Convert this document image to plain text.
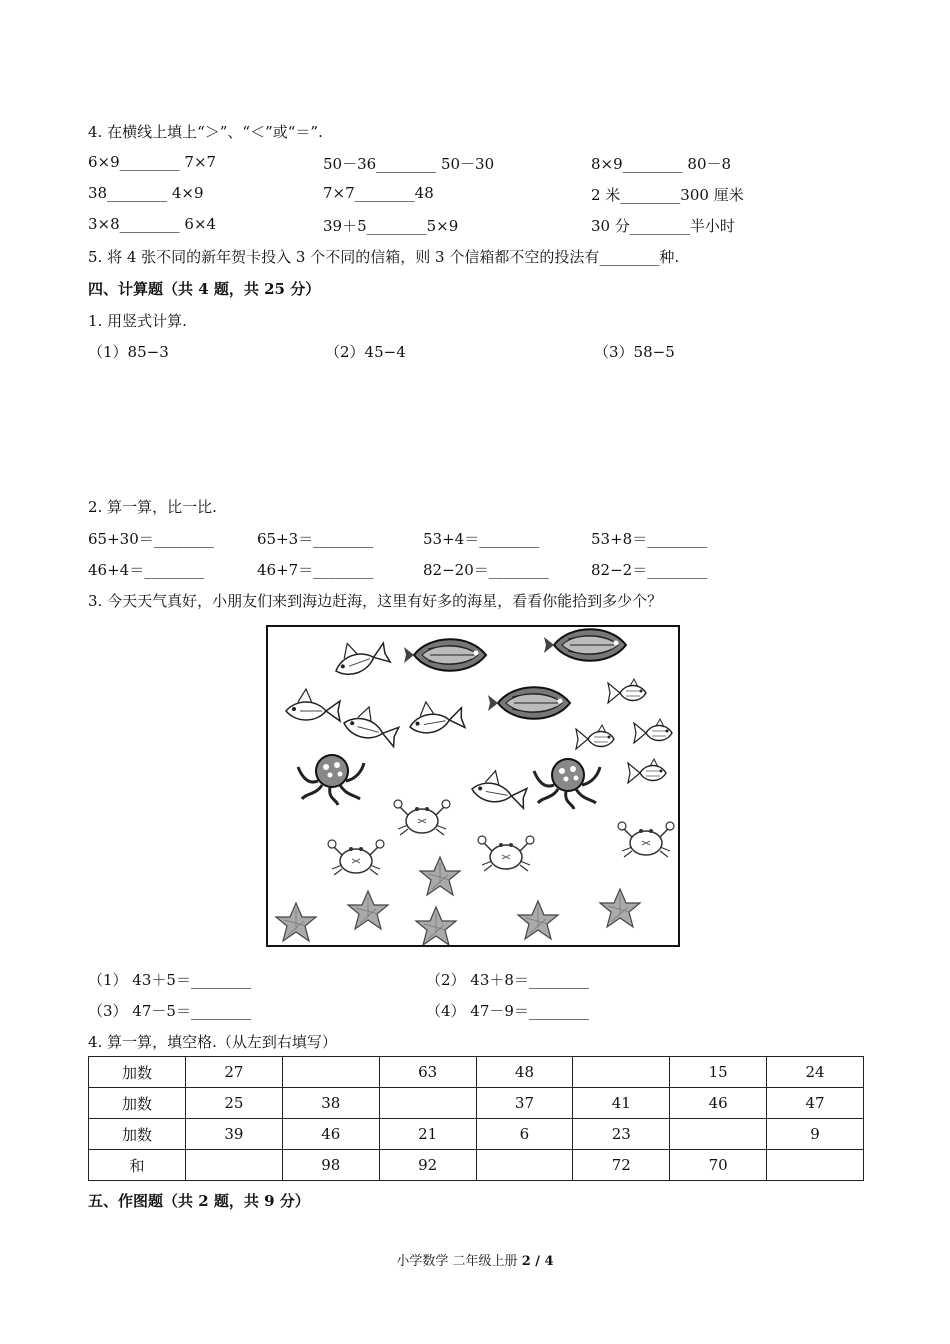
4. 在横线上填上“＞”、“＜”或“＝”.
6×9________ 7×7	50－36________ 50－30	8×9________ 80－8
38________ 4×9	7×7________48	2 米________300 厘米
3×8________ 6×4	39＋5________5×9	30 分________半小时
5. 将 4 张不同的新年贺卡投入 3 个不同的信箱，则 3 个信箱都不空的投法有________种.
四、计算题（共 4 题，共 25 分）
1. 用竖式计算.
（1）85−3	（2）45−4	（3）58−5
2. 算一算，比一比.
65+30＝________	65+3＝________	53+4＝________	53+8＝________
46+4＝________	46+7＝________	82−20＝________	82−2＝________
3. 今天天气真好，小朋友们来到海边赶海，这里有好多的海星，看看你能拾到多少个？
（1） 43＋5＝________	（2） 43＋8＝________
（3） 47－5＝________	（4） 47－9＝________
4. 算一算，填空格.（从左到右填写）
加数	27		63	48		15	24
加数	25	38		37	41	46	47
加数	39	46	21	6	23		9
和		98	92		72	70	
五、作图题（共 2 题，共 9 分）
小学数学 二年级上册 2 / 4
